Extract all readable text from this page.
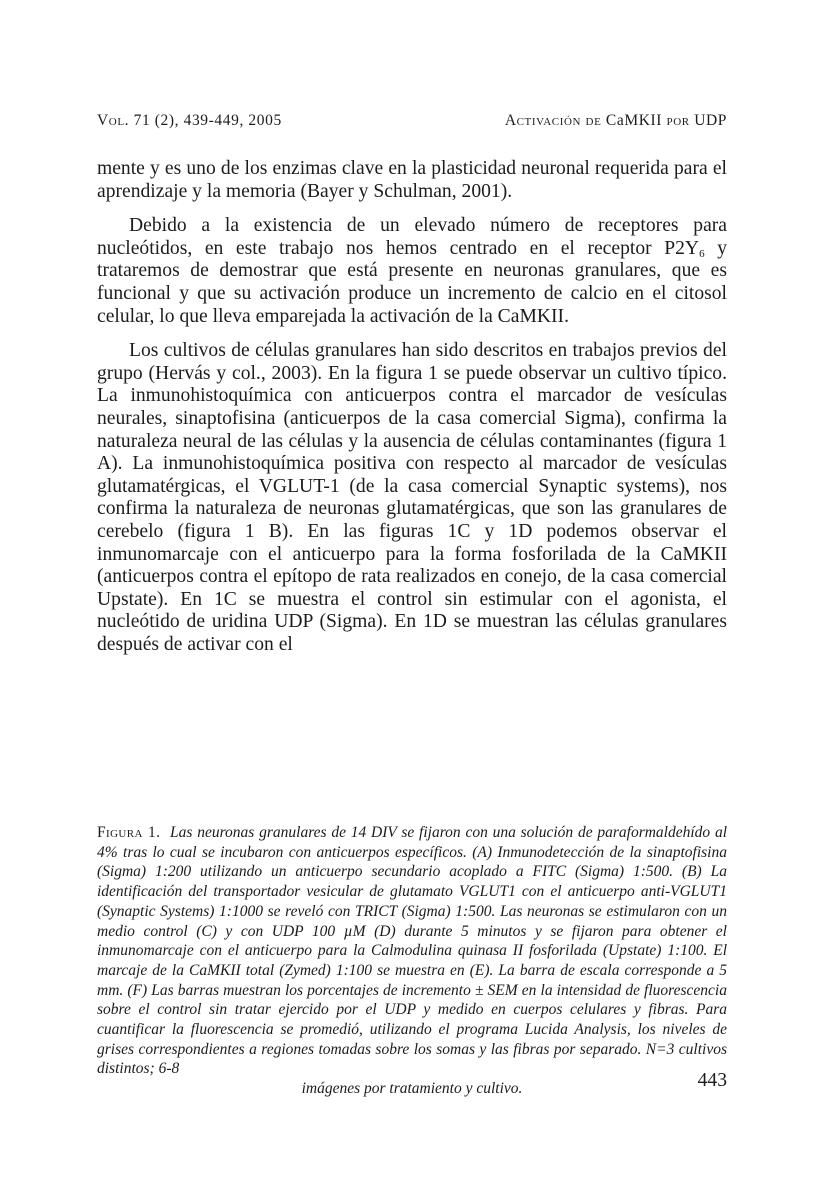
Vol. 71 (2), 439-449, 2005	Activación de CaMKII por UDP

mente y es uno de los enzimas clave en la plasticidad neuronal requerida para el aprendizaje y la memoria (Bayer y Schulman, 2001).

Debido a la existencia de un elevado número de receptores para nucleótidos, en este trabajo nos hemos centrado en el receptor $P2Y_6$ y trataremos de demostrar que está presente en neuronas granulares, que es funcional y que su activación produce un incremento de calcio en el citosol celular, lo que lleva emparejada la activación de la CaMKII.

Los cultivos de células granulares han sido descritos en trabajos previos del grupo (Hervás y col., 2003). En la figura 1 se puede observar un cultivo típico. La inmunohistoquímica con anticuerpos contra el marcador de vesículas neurales, sinaptofisina (anticuerpos de la casa comercial Sigma), confirma la naturaleza neural de las células y la ausencia de células contaminantes (figura 1 A). La inmunohistoquímica positiva con respecto al marcador de vesículas glutamatérgicas, el VGLUT-1 (de la casa comercial Synaptic systems), nos confirma la naturaleza de neuronas glutamatérgicas, que son las granulares de cerebelo (figura 1 B). En las figuras 1C y 1D podemos observar el inmunomarcaje con el anticuerpo para la forma fosforilada de la CaMKII (anticuerpos contra el epítopo de rata realizados en conejo, de la casa comercial Upstate). En 1C se muestra el control sin estimular con el agonista, el nucleótido de uridina UDP (Sigma). En 1D se muestran las células granulares después de activar con el

Figura 1. Las neuronas granulares de 14 DIV se fijaron con una solución de paraformaldehído al 4% tras lo cual se incubaron con anticuerpos específicos. (A) Inmunodetección de la sinaptofisina (Sigma) 1:200 utilizando un anticuerpo secundario acoplado a FITC (Sigma) 1:500. (B) La identificación del transportador vesicular de glutamato VGLUT1 con el anticuerpo anti-VGLUT1 (Synaptic Systems) 1:1000 se reveló con TRICT (Sigma) 1:500. Las neuronas se estimularon con un medio control (C) y con UDP 100 µM (D) durante 5 minutos y se fijaron para obtener el inmunomarcaje con el anticuerpo para la Calmodulina quinasa II fosforilada (Upstate) 1:100. El marcaje de la CaMKII total (Zymed) 1:100 se muestra en (E). La barra de escala corresponde a 5 mm. (F) Las barras muestran los porcentajes de incremento ± SEM en la intensidad de fluorescencia sobre el control sin tratar ejercido por el UDP y medido en cuerpos celulares y fibras. Para cuantificar la fluorescencia se promedió, utilizando el programa Lucida Analysis, los niveles de grises correspondientes a regiones tomadas sobre los somas y las fibras por separado. N=3 cultivos distintos; 6-8
imágenes por tratamiento y cultivo.	443
